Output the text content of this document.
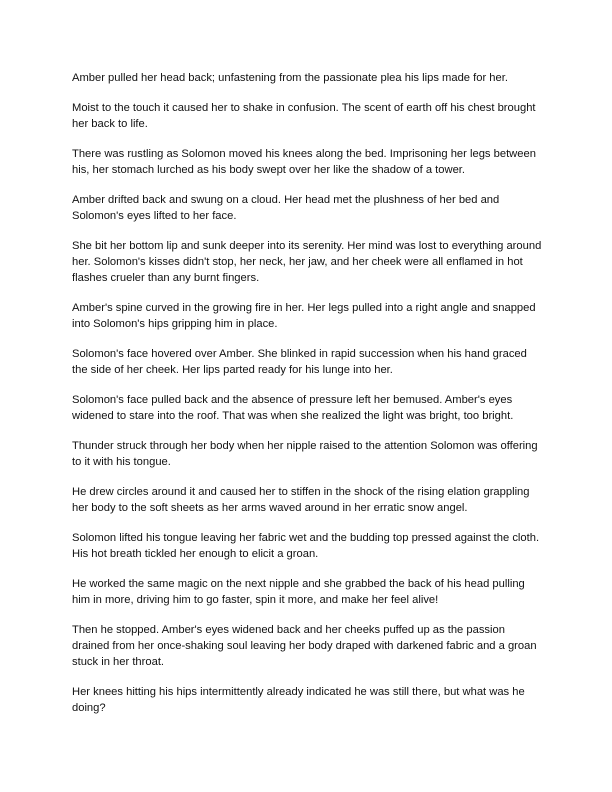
Amber pulled her head back; unfastening from the passionate plea his lips made for her.

Moist to the touch it caused her to shake in confusion. The scent of earth off his chest brought her back to life.

There was rustling as Solomon moved his knees along the bed. Imprisoning her legs between his, her stomach lurched as his body swept over her like the shadow of a tower.

Amber drifted back and swung on a cloud. Her head met the plushness of her bed and Solomon's eyes lifted to her face.

She bit her bottom lip and sunk deeper into its serenity. Her mind was lost to everything around her. Solomon's kisses didn't stop, her neck, her jaw, and her cheek were all enflamed in hot flashes crueler than any burnt fingers.

Amber's spine curved in the growing fire in her. Her legs pulled into a right angle and snapped into Solomon's hips gripping him in place.

Solomon's face hovered over Amber. She blinked in rapid succession when his hand graced the side of her cheek. Her lips parted ready for his lunge into her.

Solomon's face pulled back and the absence of pressure left her bemused. Amber's eyes widened to stare into the roof. That was when she realized the light was bright, too bright.

Thunder struck through her body when her nipple raised to the attention Solomon was offering to it with his tongue.

He drew circles around it and caused her to stiffen in the shock of the rising elation grappling her body to the soft sheets as her arms waved around in her erratic snow angel.

Solomon lifted his tongue leaving her fabric wet and the budding top pressed against the cloth. His hot breath tickled her enough to elicit a groan.

He worked the same magic on the next nipple and she grabbed the back of his head pulling him in more, driving him to go faster, spin it more, and make her feel alive!

Then he stopped. Amber's eyes widened back and her cheeks puffed up as the passion drained from her once-shaking soul leaving her body draped with darkened fabric and a groan stuck in her throat.

Her knees hitting his hips intermittently already indicated he was still there, but what was he doing?
